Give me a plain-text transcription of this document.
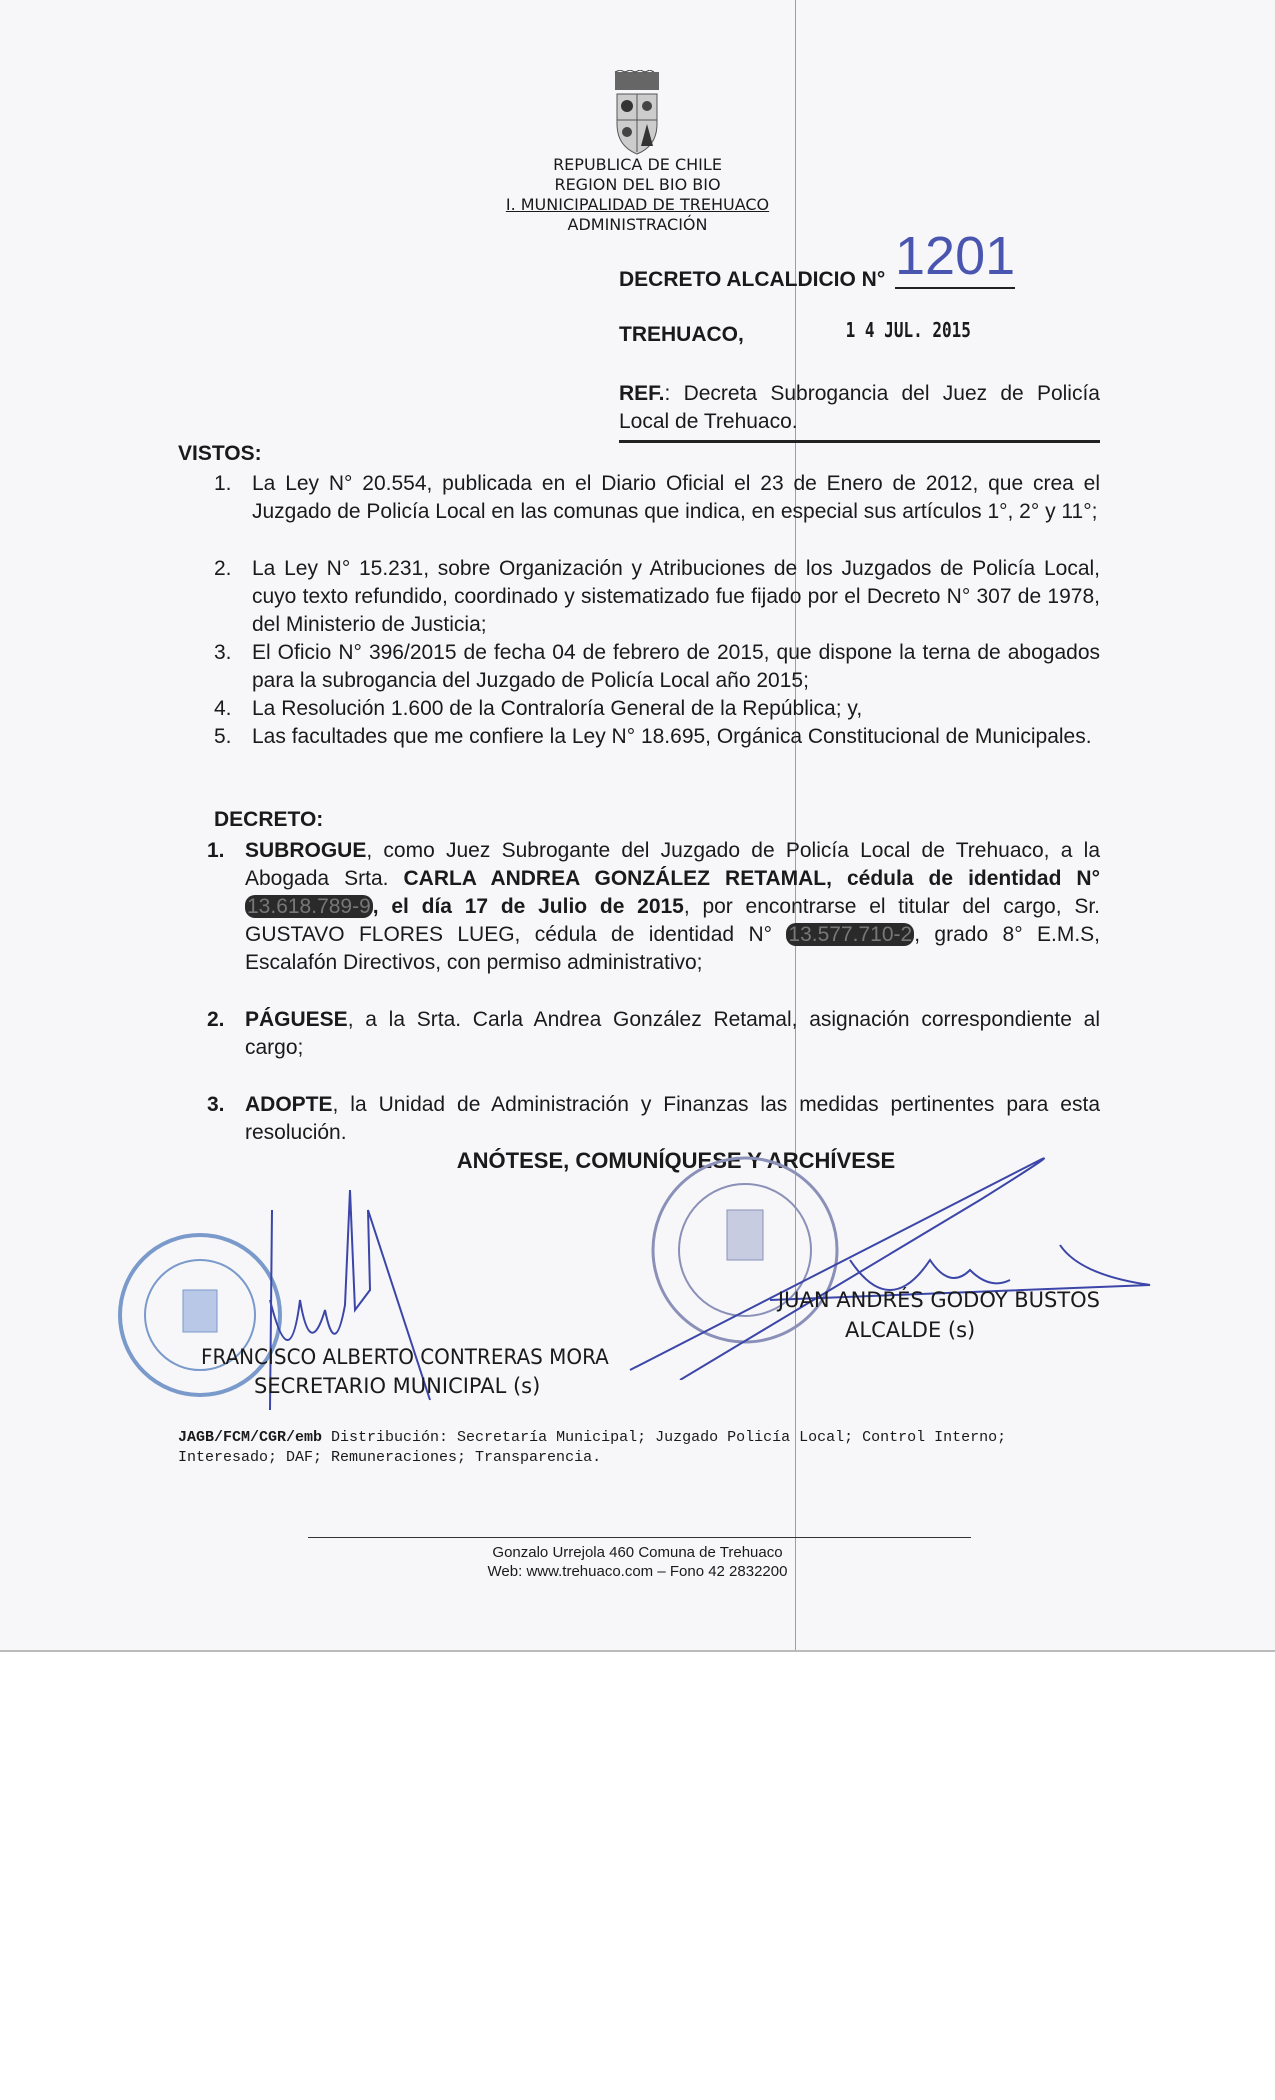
REPUBLICA DE CHILE
REGION DEL BIO BIO
I. MUNICIPALIDAD DE TREHUACO
ADMINISTRACIÓN
DECRETO ALCALDICIO N° 1201
TREHUACO,	1 4 JUL. 2015
REF.: Decreta Subrogancia del Juez de Policía Local de Trehuaco.
VISTOS:
1. La Ley N° 20.554, publicada en el Diario Oficial el 23 de Enero de 2012, que crea el Juzgado de Policía Local en las comunas que indica, en especial sus artículos 1°, 2° y 11°;
2. La Ley N° 15.231, sobre Organización y Atribuciones de los Juzgados de Policía Local, cuyo texto refundido, coordinado y sistematizado fue fijado por el Decreto N° 307 de 1978, del Ministerio de Justicia;
3. El Oficio N° 396/2015 de fecha 04 de febrero de 2015, que dispone la terna de abogados para la subrogancia del Juzgado de Policía Local año 2015;
4. La Resolución 1.600 de la Contraloría General de la República; y,
5. Las facultades que me confiere la Ley N° 18.695, Orgánica Constitucional de Municipales.
DECRETO:
1. SUBROGUE, como Juez Subrogante del Juzgado de Policía Local de Trehuaco, a la Abogada Srta. CARLA ANDREA GONZÁLEZ RETAMAL, cédula de identidad N° 13.618.789-9, el día 17 de Julio de 2015, por encontrarse el titular del cargo, Sr. GUSTAVO FLORES LUEG, cédula de identidad N° 13.577.710-2, grado 8° E.M.S, Escalafón Directivos, con permiso administrativo;
2. PÁGUESE, a la Srta. Carla Andrea González Retamal, asignación correspondiente al cargo;
3. ADOPTE, la Unidad de Administración y Finanzas las medidas pertinentes para esta resolución.
ANÓTESE, COMUNÍQUESE Y ARCHÍVESE
FRANCISCO ALBERTO CONTRERAS MORA
SECRETARIO MUNICIPAL (s)
JUAN ANDRÉS GODOY BUSTOS
ALCALDE (s)
JAGB/FCM/CGR/emb Distribución: Secretaría Municipal; Juzgado Policía Local; Control Interno; Interesado; DAF; Remuneraciones; Transparencia.
Gonzalo Urrejola 460 Comuna de Trehuaco
Web: www.trehuaco.com – Fono 42 2832200
